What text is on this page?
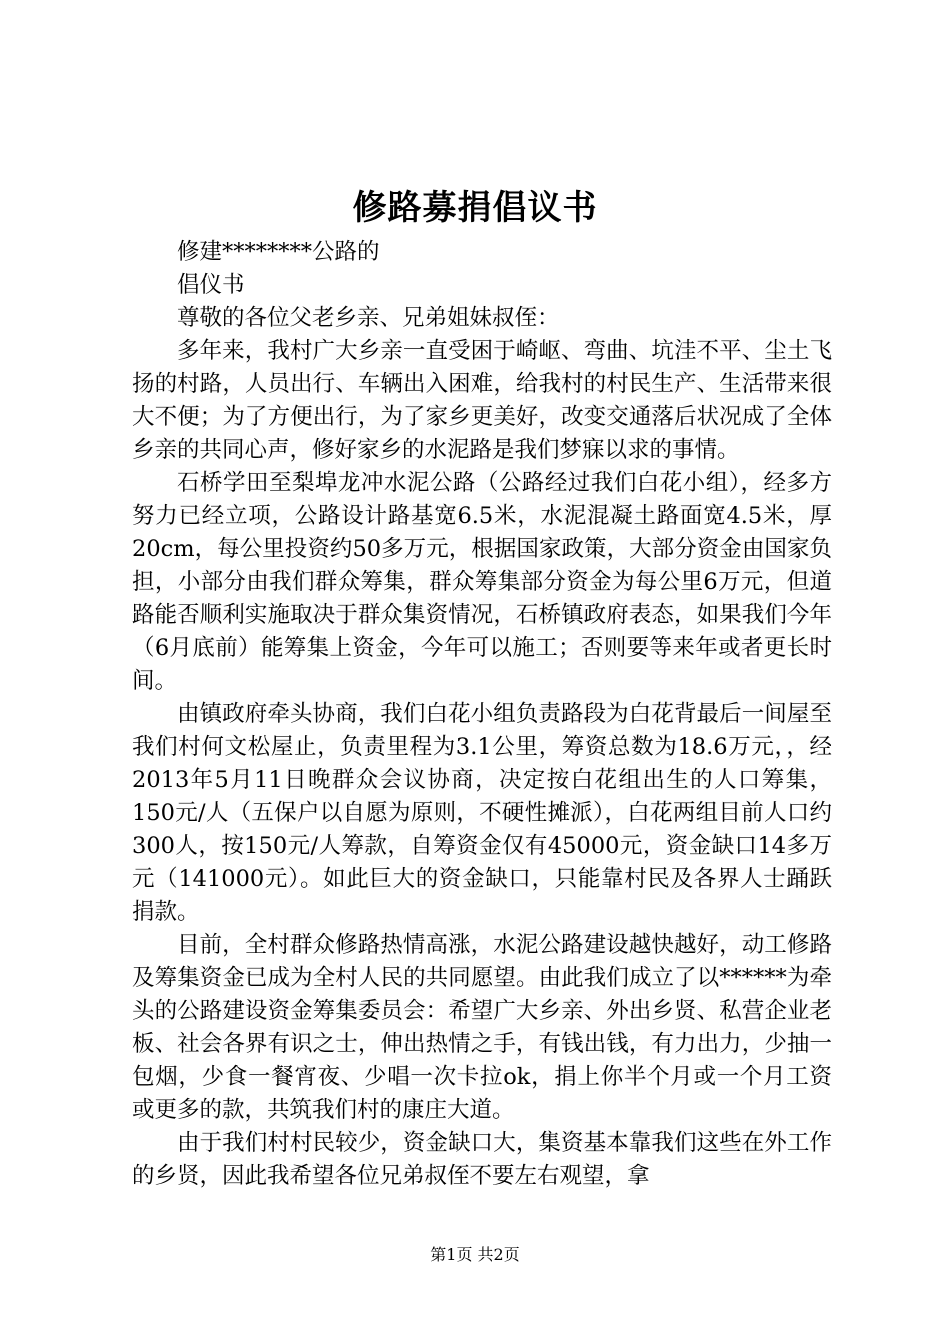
修路募捐倡议书

修建********公路的

倡仪书

尊敬的各位父老乡亲、兄弟姐妹叔侄：

多年来，我村广大乡亲一直受困于崎岖、弯曲、坑洼不平、尘土飞扬的村路，人员出行、车辆出入困难，给我村的村民生产、生活带来很大不便；为了方便出行，为了家乡更美好，改变交通落后状况成了全体乡亲的共同心声，修好家乡的水泥路是我们梦寐以求的事情。

石桥学田至梨埠龙冲水泥公路（公路经过我们白花小组），经多方努力已经立项，公路设计路基宽6.5米，水泥混凝土路面宽4.5米，厚20cm，每公里投资约50多万元，根据国家政策，大部分资金由国家负担，小部分由我们群众筹集，群众筹集部分资金为每公里6万元，但道路能否顺利实施取决于群众集资情况，石桥镇政府表态，如果我们今年（6月底前）能筹集上资金，今年可以施工；否则要等来年或者更长时间。

由镇政府牵头协商，我们白花小组负责路段为白花背最后一间屋至我们村何文松屋止，负责里程为3.1公里，筹资总数为18.6万元，，经2013年5月11日晚群众会议协商，决定按白花组出生的人口筹集，150元/人（五保户以自愿为原则，不硬性摊派），白花两组目前人口约300人，按150元/人筹款，自筹资金仅有45000元，资金缺口14多万元（141000元）。如此巨大的资金缺口，只能靠村民及各界人士踊跃捐款。

目前，全村群众修路热情高涨，水泥公路建设越快越好，动工修路及筹集资金已成为全村人民的共同愿望。由此我们成立了以******为牵头的公路建设资金筹集委员会：希望广大乡亲、外出乡贤、私营企业老板、社会各界有识之士，伸出热情之手，有钱出钱，有力出力，少抽一包烟，少食一餐宵夜、少唱一次卡拉ok，捐上你半个月或一个月工资或更多的款，共筑我们村的康庄大道。

由于我们村村民较少，资金缺口大，集资基本靠我们这些在外工作的乡贤，因此我希望各位兄弟叔侄不要左右观望，拿

第1页 共2页
